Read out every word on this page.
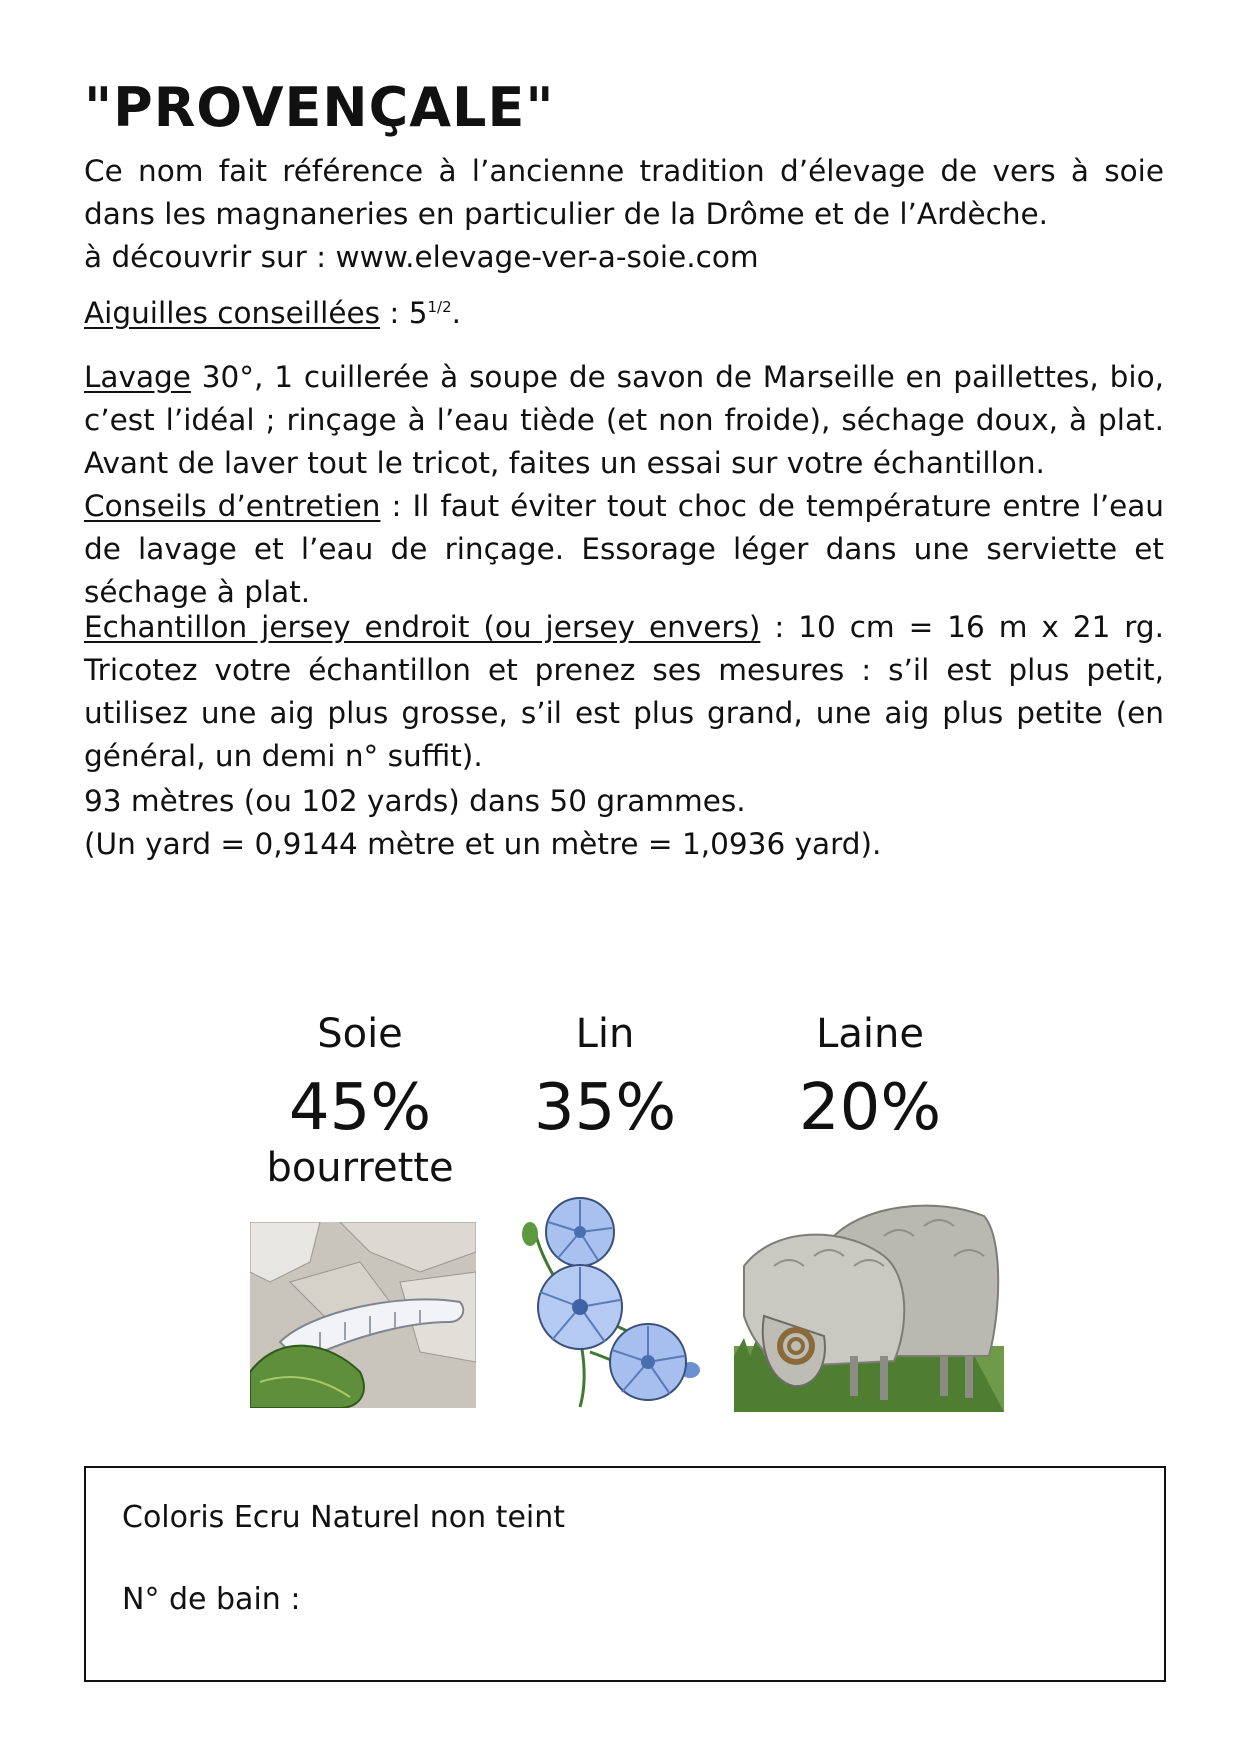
"PROVENÇALE"
Ce nom fait référence à l’ancienne tradition d’élevage de vers à soie dans les magnaneries en particulier de la Drôme et de l’Ardèche.
à découvrir sur : www.elevage-ver-a-soie.com
Aiguilles conseillées : $5^{1/2}$.
Lavage 30°, 1 cuillerée à soupe de savon de Marseille en paillettes, bio, c’est l’idéal ; rinçage à l’eau tiède (et non froide), séchage doux, à plat. Avant de laver tout le tricot, faites un essai sur votre échantillon.
Conseils d’entretien : Il faut éviter tout choc de température entre l’eau de lavage et l’eau de rinçage. Essorage léger dans une serviette et séchage à plat.
Echantillon jersey endroit (ou jersey envers) : 10 cm = 16 m x 21 rg. Tricotez votre échantillon et prenez ses mesures : s’il est plus petit, utilisez une aig plus grosse, s’il est plus grand, une aig plus petite (en général, un demi n° suffit).
93 mètres (ou 102 yards) dans 50 grammes.
(Un yard = 0,9144 mètre et un mètre = 1,0936 yard).
Soie
45%
bourrette
Lin
35%
Laine
20%
Coloris Ecru Naturel non teint
N° de bain :
